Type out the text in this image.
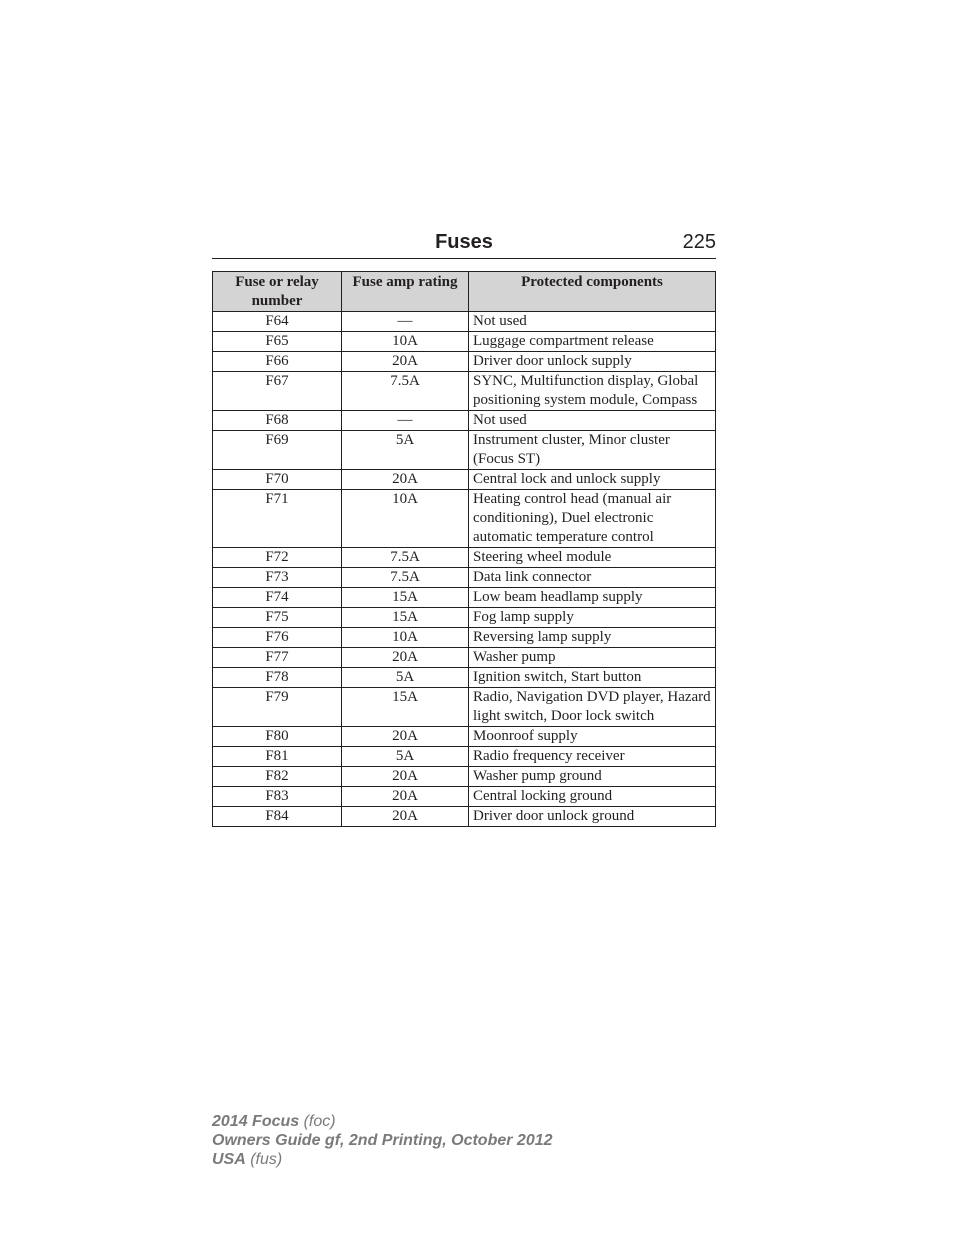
Fuses	225
Fuse or relay number	Fuse amp rating	Protected components
F64	—	Not used
F65	10A	Luggage compartment release
F66	20A	Driver door unlock supply
F67	7.5A	SYNC, Multifunction display, Global positioning system module, Compass
F68	—	Not used
F69	5A	Instrument cluster, Minor cluster (Focus ST)
F70	20A	Central lock and unlock supply
F71	10A	Heating control head (manual air conditioning), Duel electronic automatic temperature control
F72	7.5A	Steering wheel module
F73	7.5A	Data link connector
F74	15A	Low beam headlamp supply
F75	15A	Fog lamp supply
F76	10A	Reversing lamp supply
F77	20A	Washer pump
F78	5A	Ignition switch, Start button
F79	15A	Radio, Navigation DVD player, Hazard light switch, Door lock switch
F80	20A	Moonroof supply
F81	5A	Radio frequency receiver
F82	20A	Washer pump ground
F83	20A	Central locking ground
F84	20A	Driver door unlock ground
2014 Focus (foc)
Owners Guide gf, 2nd Printing, October 2012
USA (fus)
